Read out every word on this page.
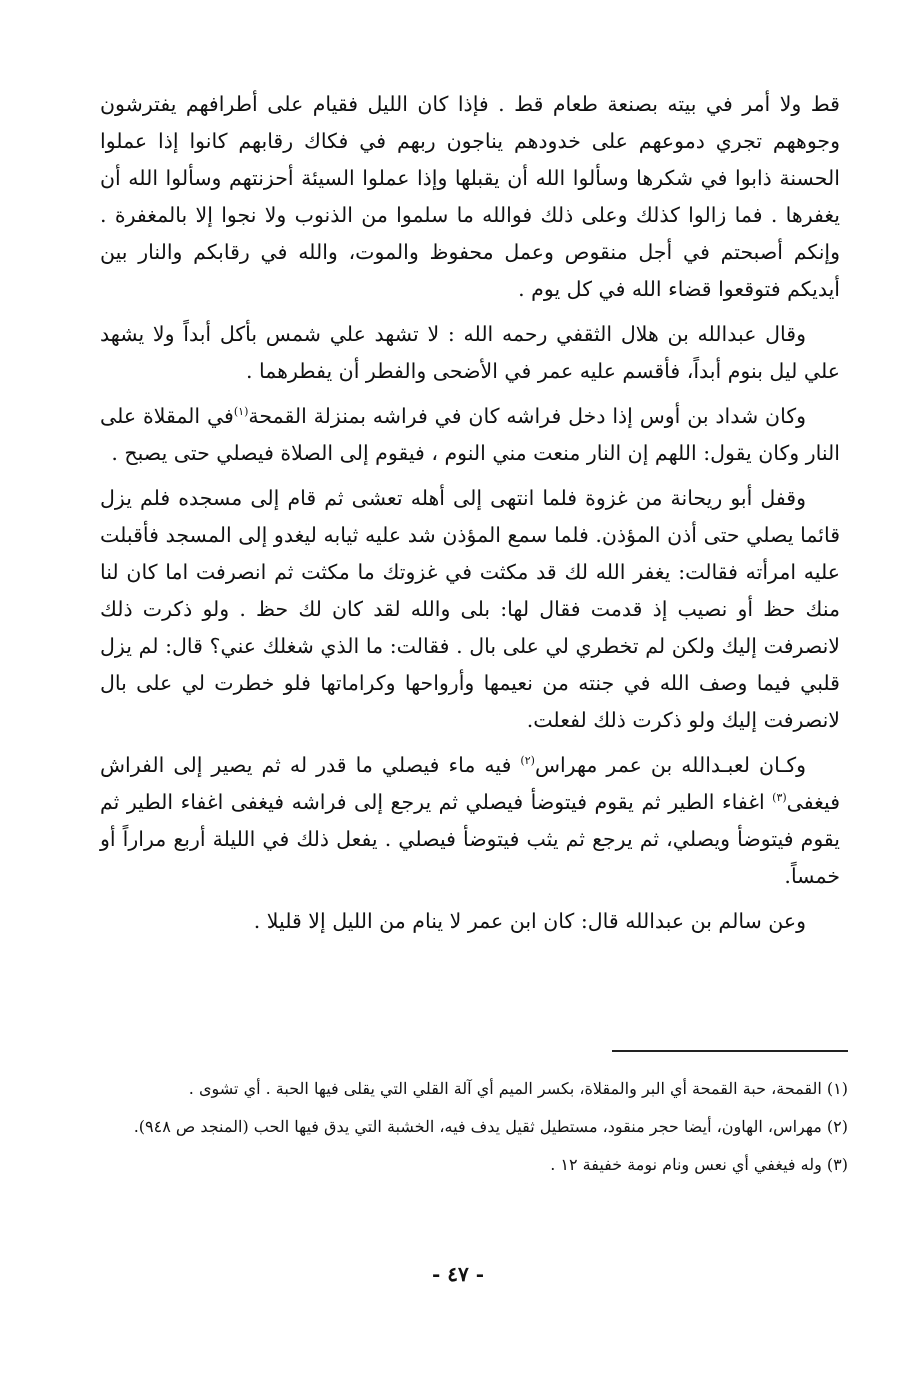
قط ولا أمر في بيته بصنعة طعام قط . فإذا كان الليل فقيام على أطرافهم يفترشون وجوههم تجري دموعهم على خدودهم يناجون ربهم في فكاك رقابهم كانوا إذا عملوا الحسنة ذابوا في شكرها وسألوا الله أن يقبلها وإذا عملوا السيئة أحزنتهم وسألوا الله أن يغفرها . فما زالوا كذلك وعلى ذلك فوالله ما سلموا من الذنوب ولا نجوا إلا بالمغفرة . وإنكم أصبحتم في أجل منقوص وعمل محفوظ والموت، والله في رقابكم والنار بين أيديكم فتوقعوا قضاء الله في كل يوم .

وقال عبدالله بن هلال الثقفي رحمه الله : لا تشهد علي شمس بأكل أبداً ولا يشهد علي ليل بنوم أبداً، فأقسم عليه عمر في الأضحى والفطر أن يفطرهما .

وكان شداد بن أوس إذا دخل فراشه كان في فراشه بمنزلة القمحة$^{(١)}$في المقلاة على النار وكان يقول: اللهم إن النار منعت مني النوم ، فيقوم إلى الصلاة فيصلي حتى يصبح .

وقفل أبو ريحانة من غزوة فلما انتهى إلى أهله تعشى ثم قام إلى مسجده فلم يزل قائما يصلي حتى أذن المؤذن. فلما سمع المؤذن شد عليه ثيابه ليغدو إلى المسجد فأقبلت عليه امرأته فقالت: يغفر الله لك قد مكثت في غزوتك ما مكثت ثم انصرفت اما كان لنا منك حظ أو نصيب إذ قدمت فقال لها: بلى والله لقد كان لك حظ . ولو ذكرت ذلك لانصرفت إليك ولكن لم تخطري لي على بال . فقالت: ما الذي شغلك عني؟ قال: لم يزل قلبي فيما وصف الله في جنته من نعيمها وأرواحها وكراماتها فلو خطرت لي على بال لانصرفت إليك ولو ذكرت ذلك لفعلت.

وكـان لعبـدالله بن عمر مهراس$^{(٢)}$ فيه ماء فيصلي ما قدر له ثم يصير إلى الفراش فيغفى$^{(٣)}$ اغفاء الطير ثم يقوم فيتوضأ فيصلي ثم يرجع إلى فراشه فيغفى اغفاء الطير ثم يقوم فيتوضأ ويصلي، ثم يرجع ثم يثب فيتوضأ فيصلي . يفعل ذلك في الليلة أربع مراراً أو خمساً.

وعن سالم بن عبدالله قال: كان ابن عمر لا ينام من الليل إلا قليلا .

(١) القمحة، حبة القمحة أي البر والمقلاة، بكسر الميم أي آلة القلي التي يقلى فيها الحبة . أي تشوى .
(٢) مهراس، الهاون، أيضا حجر منقود، مستطيل ثقيل يدف فيه، الخشبة التي يدق فيها الحب (المنجد ص ٩٤٨).
(٣) وله فيغفي أي نعس ونام نومة خفيفة ١٢ .
- ٤٧ -
